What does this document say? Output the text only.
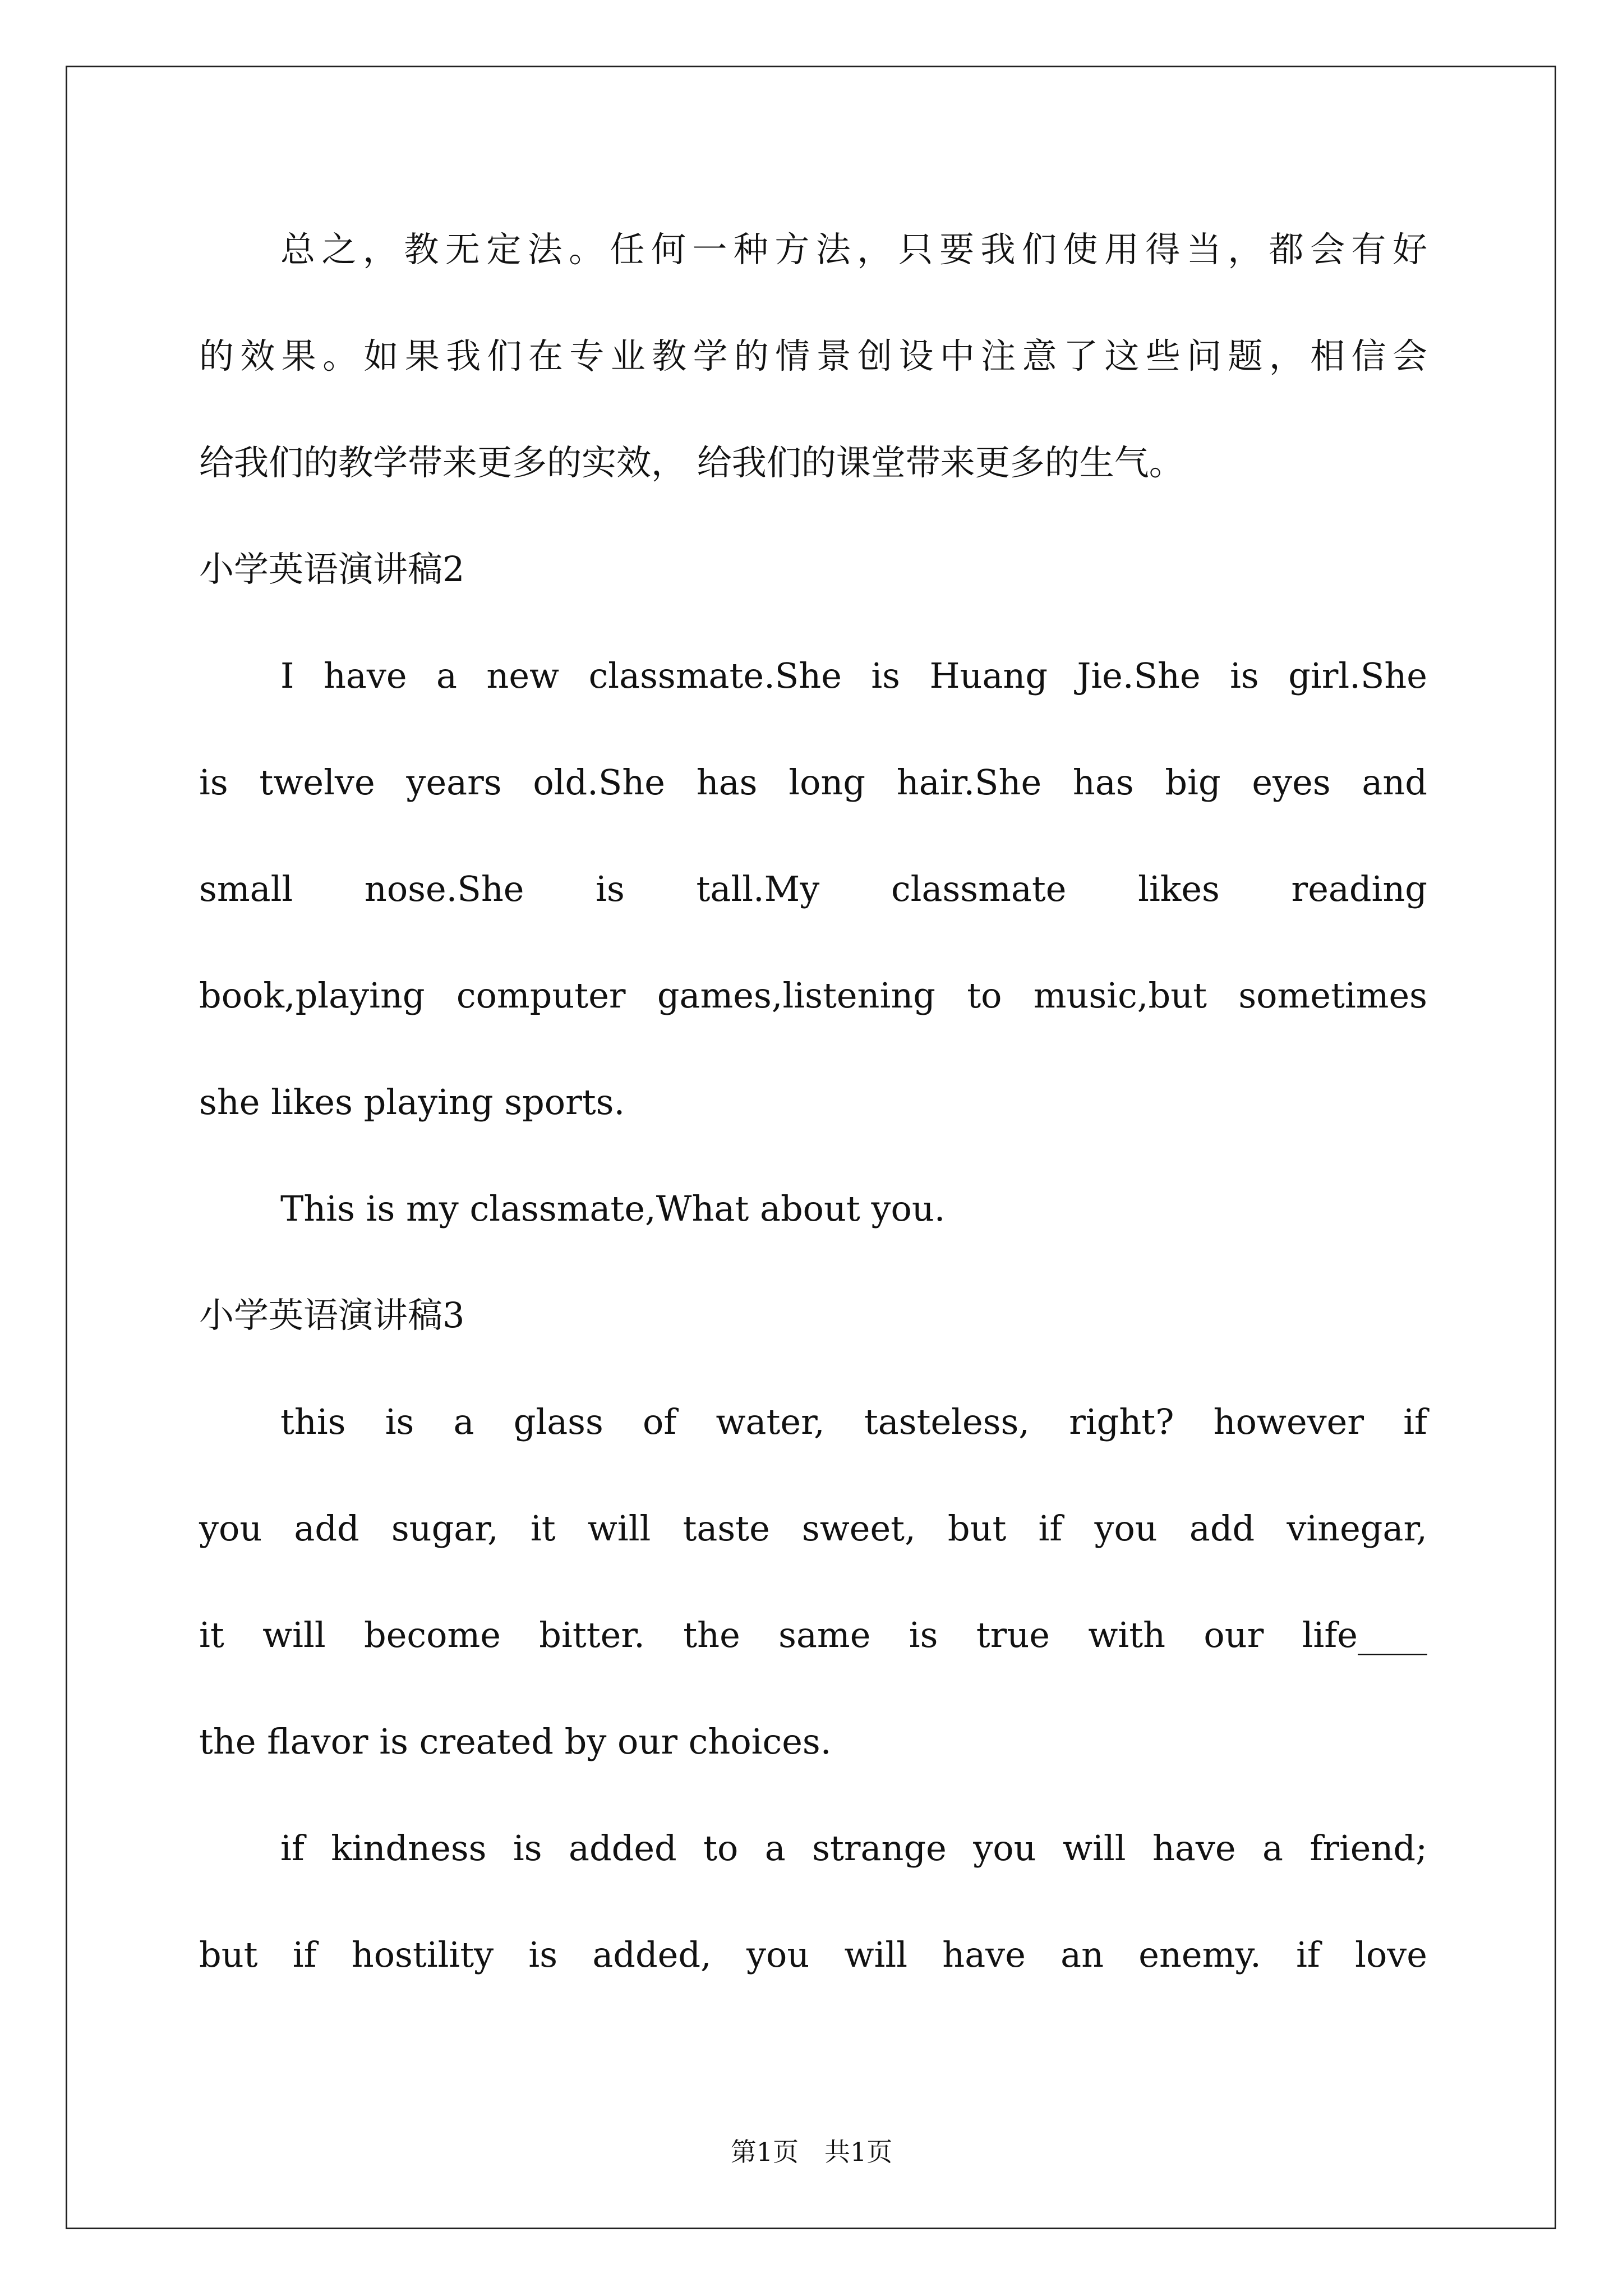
总之，教无定法。任何一种方法，只要我们使用得当，都会有好
的效果。如果我们在专业教学的情景创设中注意了这些问题，相信会
给我们的教学带来更多的实效， 给我们的课堂带来更多的生气。
小学英语演讲稿2
I have a new classmate.She is Huang Jie.She is girl.She
is twelve years old.She has long hair.She has big eyes and
small nose.She is tall.My classmate likes reading
book,playing computer games,listening to music,but sometimes
she likes playing sports.
This is my classmate,What about you.
小学英语演讲稿3
this is a glass of water, tasteless, right? however if
you add sugar, it will taste sweet, but if you add vinegar,
it will become bitter. the same is true with our life____
the flavor is created by our choices.
if kindness is added to a strange you will have a friend;
but if hostility is added, you will have an enemy. if love
第1页 共1页
